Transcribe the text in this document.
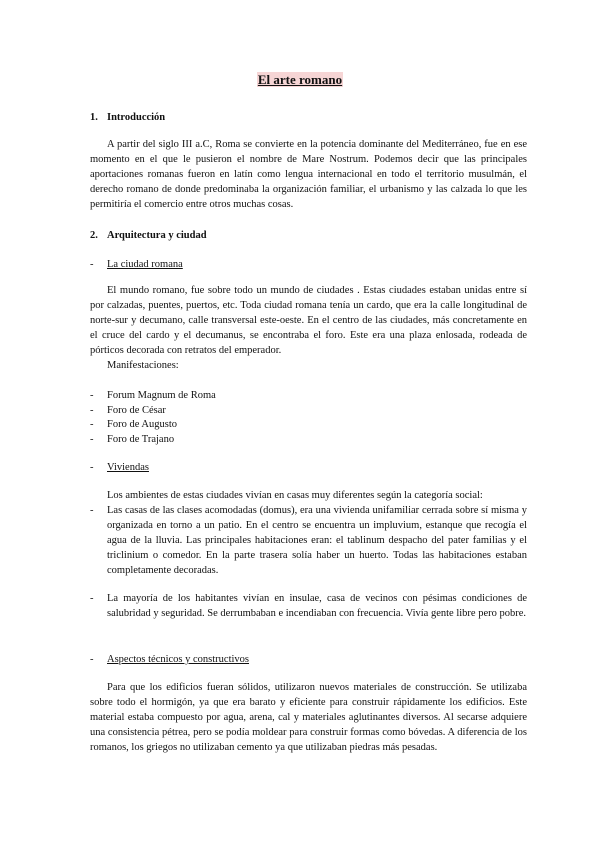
El arte romano
1. Introducción

A partir del siglo III a.C, Roma se convierte en la potencia dominante del Mediterráneo, fue en ese momento en el que le pusieron el nombre de Mare Nostrum. Podemos decir que las principales aportaciones romanas fueron en latín como lengua internacional en todo el territorio musulmán, el derecho romano de donde predominaba la organización familiar, el urbanismo y las calzada lo que les permitiría el comercio entre otros muchas cosas.

2. Arquitectura y ciudad
- La ciudad romana

El mundo romano, fue sobre todo un mundo de ciudades . Estas ciudades estaban unidas entre sí por calzadas, puentes, puertos, etc. Toda ciudad romana tenía un cardo, que era la calle longitudinal de norte-sur y decumano, calle transversal este-oeste. En el centro de las ciudades, más concretamente en el cruce del cardo y el decumanus, se encontraba el foro. Este era una plaza enlosada, rodeada de pórticos decorada con retratos del emperador.

Manifestaciones:
- Forum Magnum de Roma
- Foro de César
- Foro de Augusto
- Foro de Trajano
- Viviendas
Los ambientes de estas ciudades vivían en casas muy diferentes según la categoría social:
- Las casas de las clases acomodadas (domus), era una vivienda unifamiliar cerrada sobre sí misma y organizada en torno a un patio. En el centro se encuentra un impluvium, estanque que recogía el agua de la lluvia. Las principales habitaciones eran: el tablinum despacho del pater familias y el triclinium o comedor. En la parte trasera solía haber un huerto. Todas las habitaciones estaban completamente decoradas.
- La mayoría de los habitantes vivían en insulae, casa de vecinos con pésimas condiciones de salubridad y seguridad. Se derrumbaban e incendiaban con frecuencia. Vivía gente libre pero pobre.
- Aspectos técnicos y constructivos

Para que los edificios fueran sólidos, utilizaron nuevos materiales de construcción. Se utilizaba sobre todo el hormigón, ya que era barato y eficiente para construir rápidamente los edificios. Este material estaba compuesto por agua, arena, cal y materiales aglutinantes diversos. Al secarse adquiere una consistencia pétrea, pero se podía moldear para construir formas como bóvedas. A diferencia de los romanos, los griegos no utilizaban cemento ya que utilizaban piedras más pesadas.
